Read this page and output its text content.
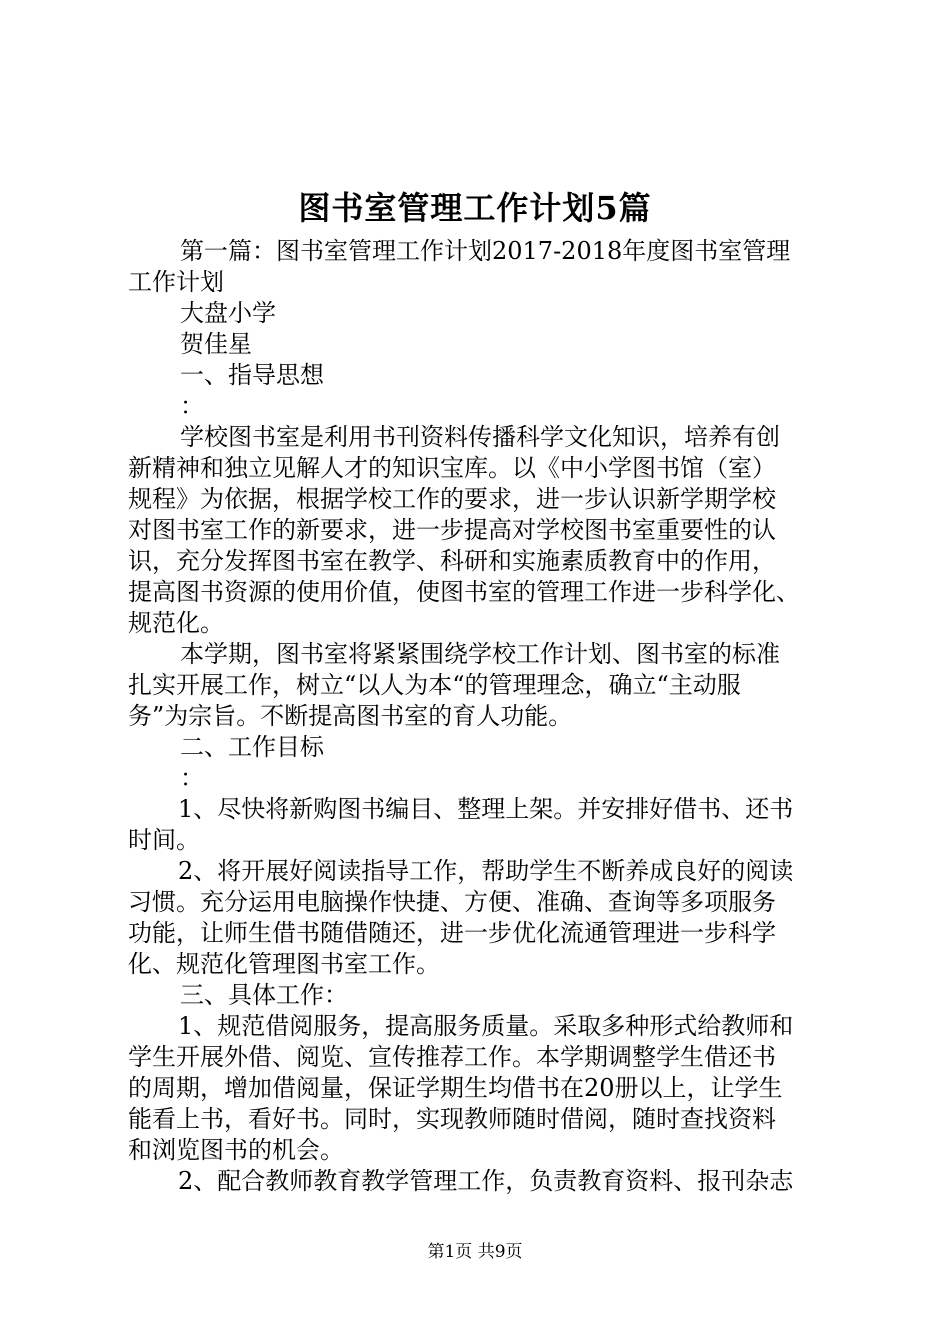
图书室管理工作计划5篇
第一篇：图书室管理工作计划2017-2018年度图书室管理
工作计划
大盘小学
贺佳星
一、指导思想
：
学校图书室是利用书刊资料传播科学文化知识，培养有创
新精神和独立见解人才的知识宝库。以《中小学图书馆（室）
规程》为依据，根据学校工作的要求，进一步认识新学期学校
对图书室工作的新要求，进一步提高对学校图书室重要性的认
识，充分发挥图书室在教学、科研和实施素质教育中的作用，
提高图书资源的使用价值，使图书室的管理工作进一步科学化、
规范化。
本学期，图书室将紧紧围绕学校工作计划、图书室的标准
扎实开展工作，树立“以人为本“的管理理念，确立“主动服
务”为宗旨。不断提高图书室的育人功能。
二、工作目标
：
1、尽快将新购图书编目、整理上架。并安排好借书、还书
时间。
2、将开展好阅读指导工作，帮助学生不断养成良好的阅读
习惯。充分运用电脑操作快捷、方便、准确、查询等多项服务
功能，让师生借书随借随还，进一步优化流通管理进一步科学
化、规范化管理图书室工作。
三、具体工作：
1、规范借阅服务，提高服务质量。采取多种形式给教师和
学生开展外借、阅览、宣传推荐工作。本学期调整学生借还书
的周期，增加借阅量，保证学期生均借书在20册以上，让学生
能看上书，看好书。同时，实现教师随时借阅，随时查找资料
和浏览图书的机会。
2、配合教师教育教学管理工作，负责教育资料、报刊杂志
第1页 共9页
